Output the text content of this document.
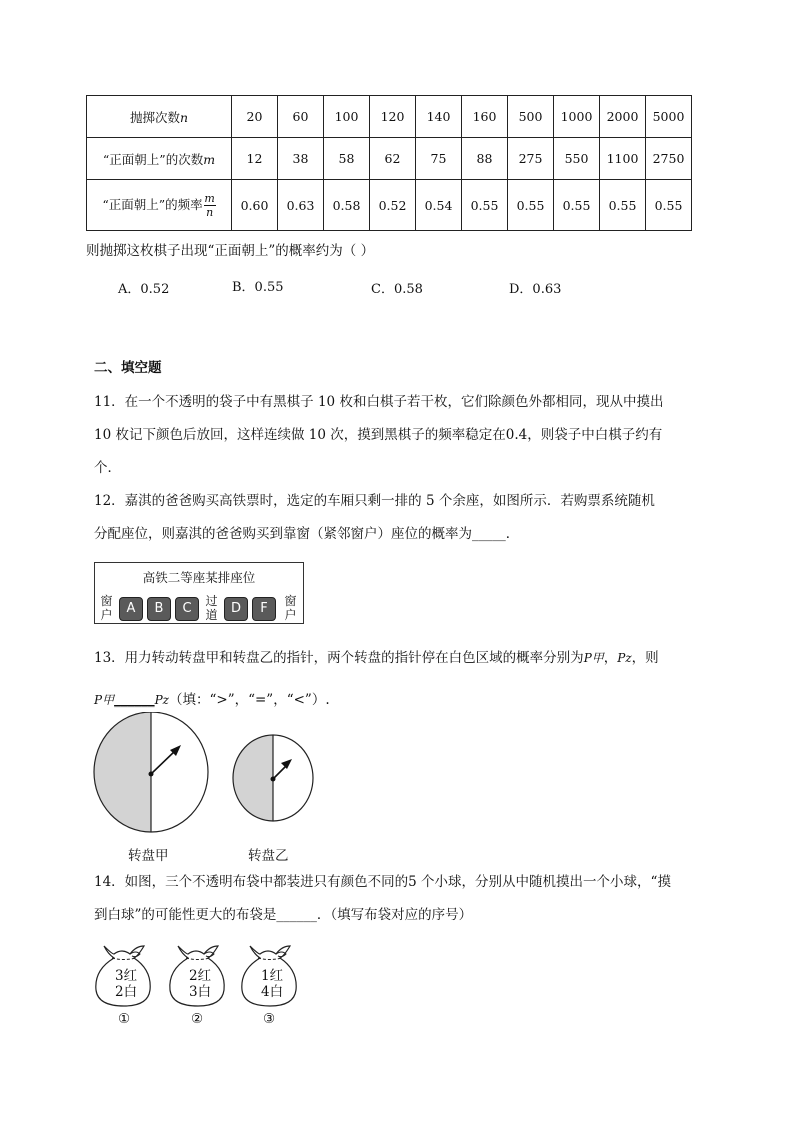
抛掷次数n	20	60	100	120	140	160	500	1000	2000	5000
“正面朝上”的次数m	12	38	58	62	75	88	275	550	1100	2750
“正面朝上”的频率 $\frac{m}{n}$	0.60	0.63	0.58	0.52	0.54	0.55	0.55	0.55	0.55	0.55
则抛掷这枚棋子出现“正面朝上”的概率约为（ ）
A．0.52	B．0.55	C．0.58	D．0.63
二、填空题
11．在一个不透明的袋子中有黑棋子 10 枚和白棋子若干枚，它们除颜色外都相同，现从中摸出
10 枚记下颜色后放回，这样连续做 10 次，摸到黑棋子的频率稳定在0.4，则袋子中白棋子约有
个．
12．嘉淇的爸爸购买高铁票时，选定的车厢只剩一排的 5 个余座，如图所示．若购票系统随机
分配座位，则嘉淇的爸爸购买到靠窗（紧邻窗户）座位的概率为_____．
高铁二等座某排座位
窗户	A	B	C	过道	D	F	窗户
13．用力转动转盘甲和转盘乙的指针，两个转盘的指针停在白色区域的概率分别为P甲，Pz，则
P甲______Pz（填：“>”，“=”，“<”）.
转盘甲	转盘乙
14．如图，三个不透明布袋中都装进只有颜色不同的5 个小球，分别从中随机摸出一个小球，“摸
到白球”的可能性更大的布袋是______．（填写布袋对应的序号）
3红
2白
2红
3白
1红
4白
①	②	③
